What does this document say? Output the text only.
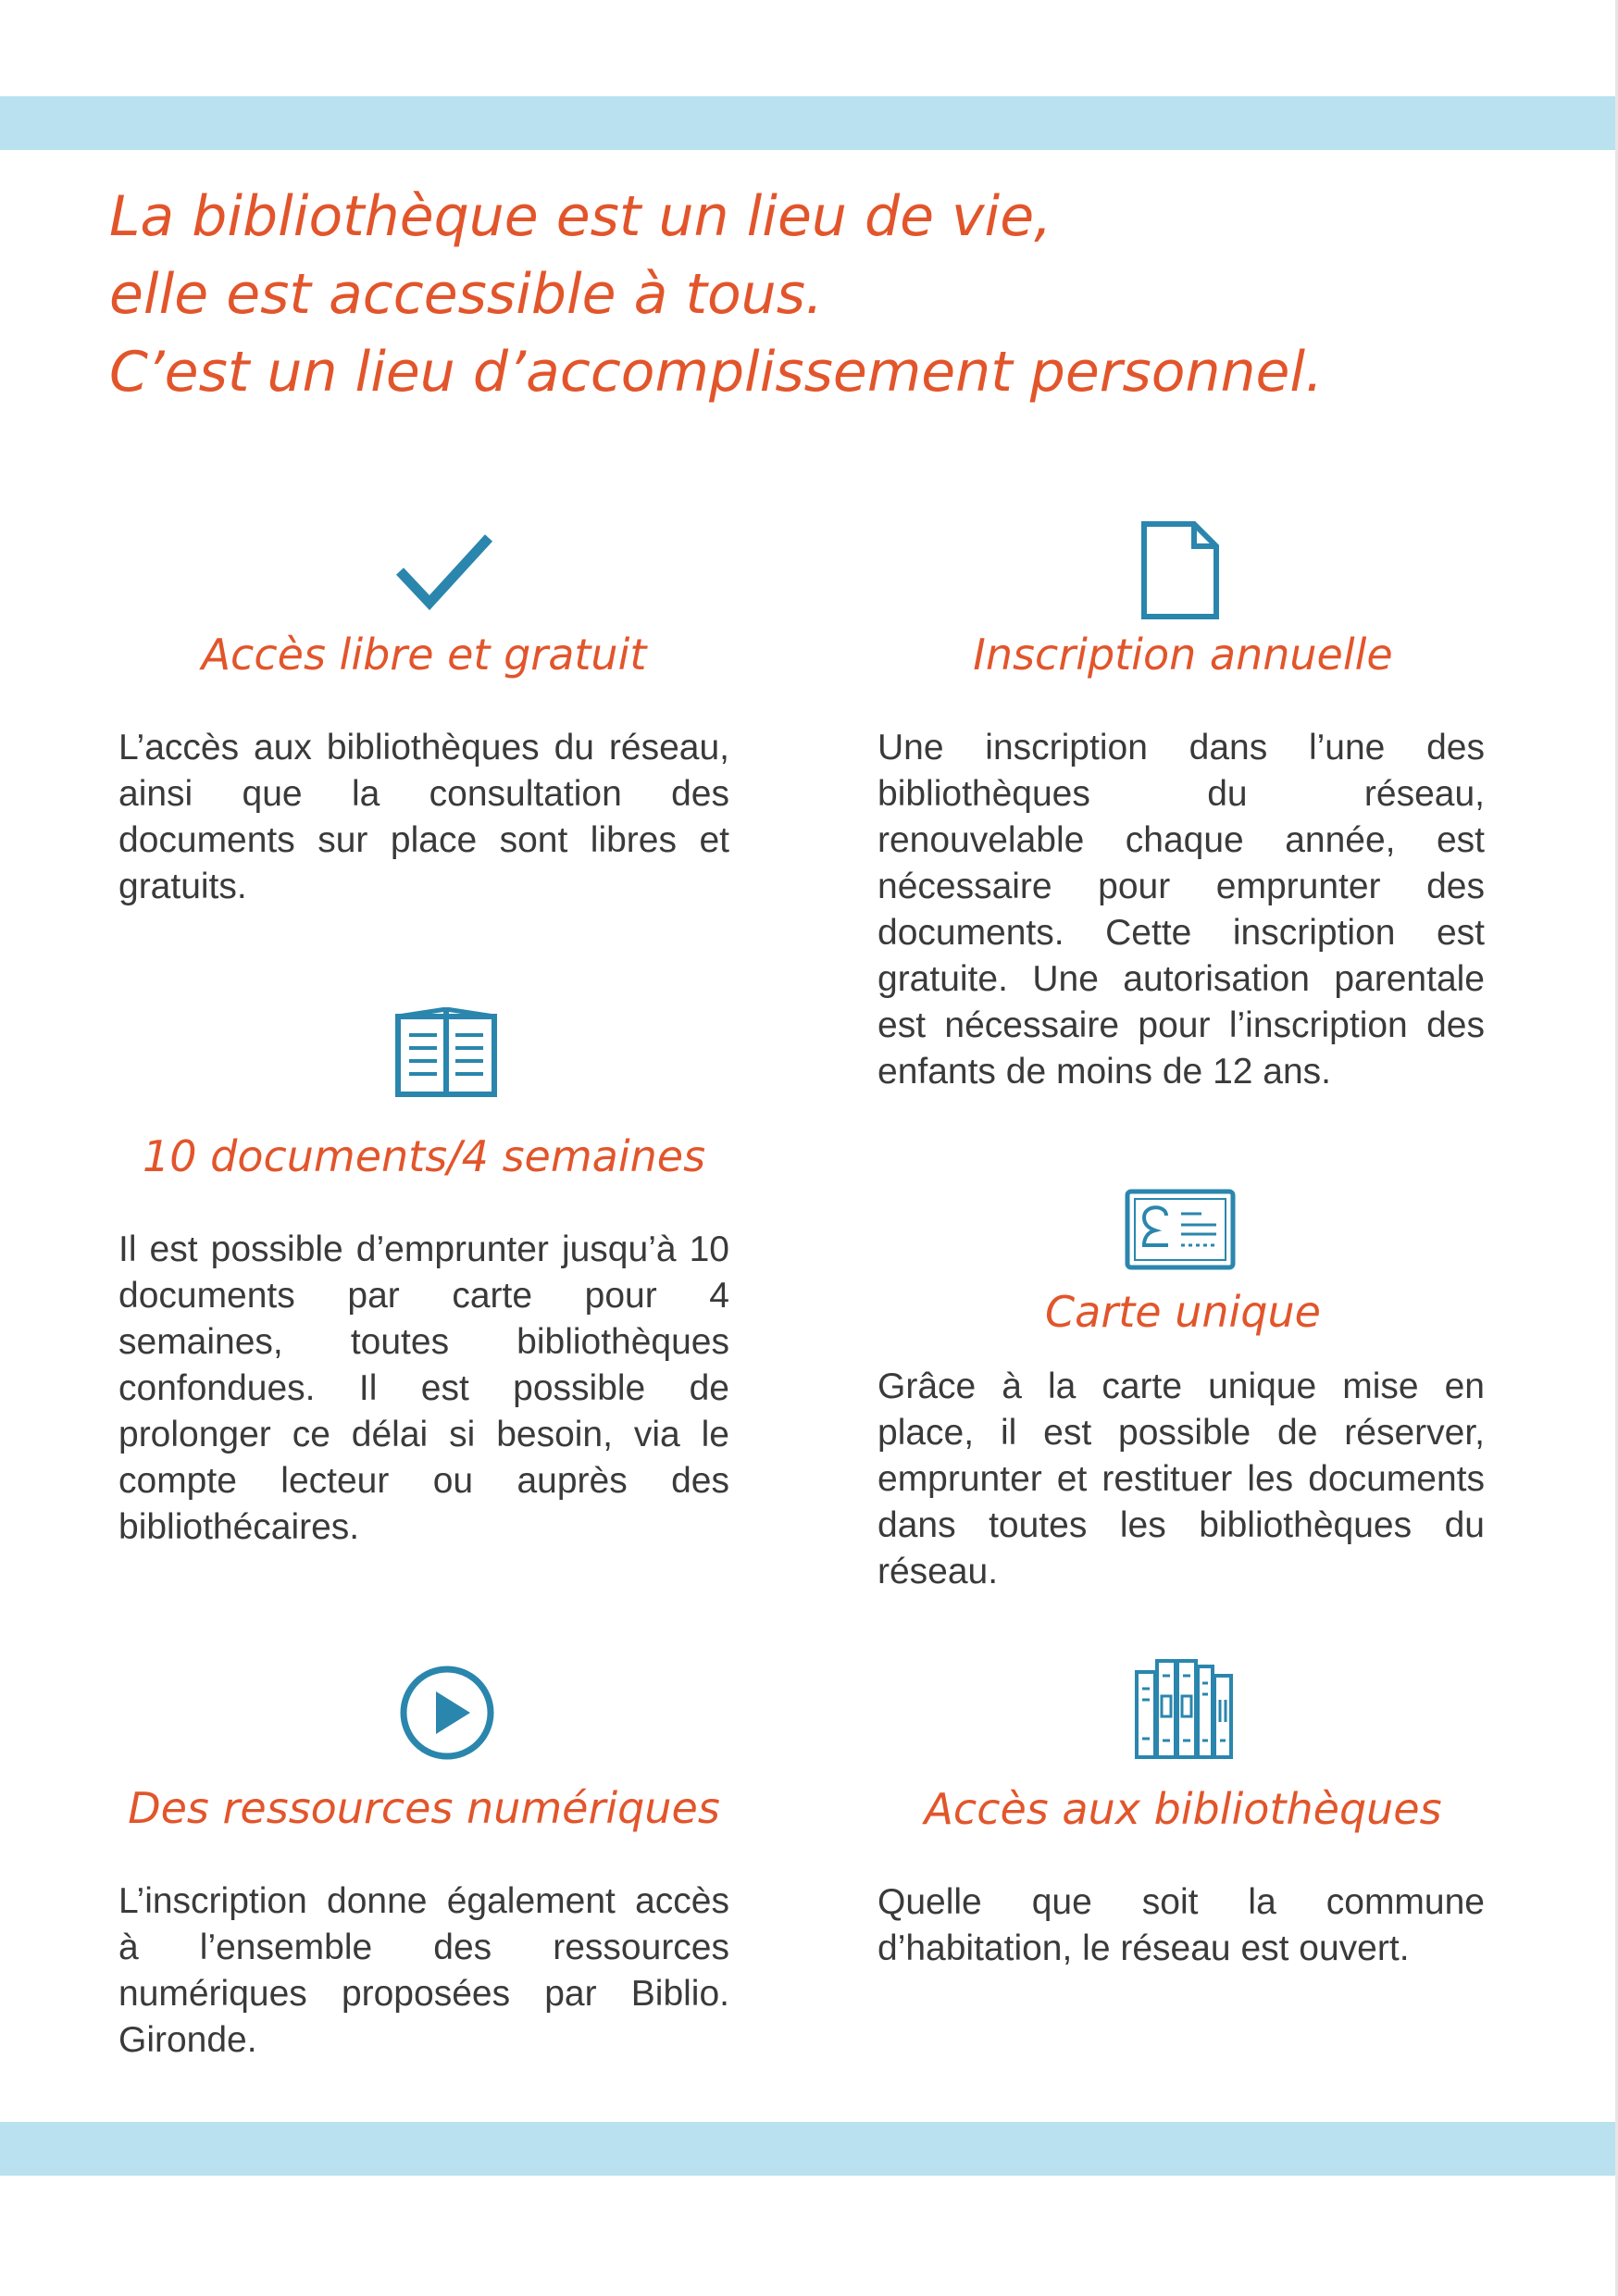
La bibliothèque est un lieu de vie,
elle est accessible à tous.
C’est un lieu d’accomplissement personnel.
Accès libre et gratuit

L’accès aux bibliothèques du réseau, ainsi que la consultation des documents sur place sont libres et gratuits.

Inscription annuelle

Une inscription dans l’une des bibliothèques du réseau, renouvelable chaque année, est nécessaire pour emprunter des documents. Cette inscription est gratuite. Une autorisation parentale est nécessaire pour l’inscription des enfants de moins de 12 ans.

10 documents/4 semaines

Il est possible d’emprunter jusqu’à 10 documents par carte pour 4 semaines, toutes bibliothèques confondues. Il est possible de prolonger ce délai si besoin, via le compte lecteur ou auprès des bibliothécaires.

Carte unique

Grâce à la carte unique mise en place, il est possible de réserver, emprunter et restituer les documents dans toutes les bibliothèques du réseau.

Des ressources numériques

L’inscription donne également accès à l’ensemble des ressources numériques proposées par Biblio. Gironde.

Accès aux bibliothèques

Quelle que soit la commune d’habitation, le réseau est ouvert.
